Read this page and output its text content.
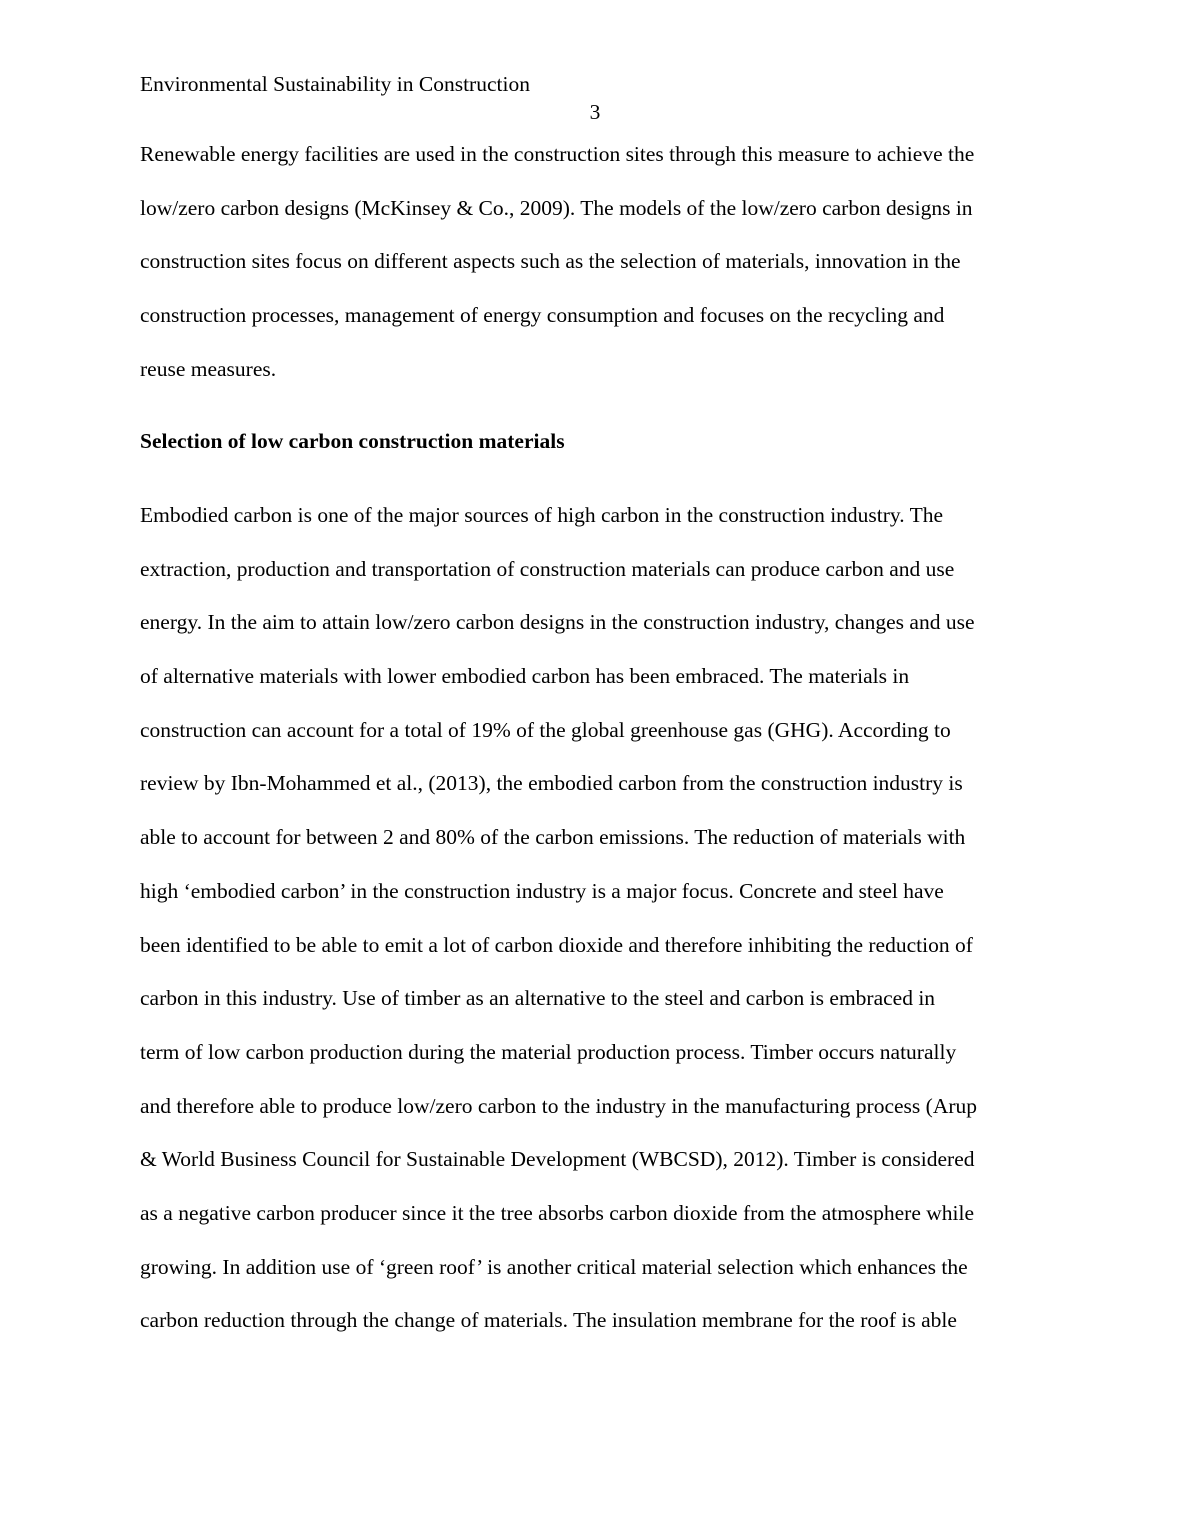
Environmental Sustainability in Construction
3
Renewable energy facilities are used in the construction sites through this measure to achieve the
low/zero carbon designs (McKinsey & Co., 2009). The models of the low/zero carbon designs in
construction sites focus on different aspects such as the selection of materials, innovation in the
construction processes, management of energy consumption and focuses on the recycling and
reuse measures.
Selection of low carbon construction materials
Embodied carbon is one of the major sources of high carbon in the construction industry. The
extraction, production and transportation of construction materials can produce carbon and use
energy. In the aim to attain low/zero carbon designs in the construction industry, changes and use
of alternative materials with lower embodied carbon has been embraced. The materials in
construction can account for a total of 19% of the global greenhouse gas (GHG). According to
review by Ibn-Mohammed et al., (2013), the embodied carbon from the construction industry is
able to account for between 2 and 80% of the carbon emissions. The reduction of materials with
high ‘embodied carbon’ in the construction industry is a major focus. Concrete and steel have
been identified to be able to emit a lot of carbon dioxide and therefore inhibiting the reduction of
carbon in this industry. Use of timber as an alternative to the steel and carbon is embraced in
term of low carbon production during the material production process. Timber occurs naturally
and therefore able to produce low/zero carbon to the industry in the manufacturing process (Arup
& World Business Council for Sustainable Development (WBCSD), 2012). Timber is considered
as a negative carbon producer since it the tree absorbs carbon dioxide from the atmosphere while
growing. In addition use of ‘green roof’ is another critical material selection which enhances the
carbon reduction through the change of materials. The insulation membrane for the roof is able
